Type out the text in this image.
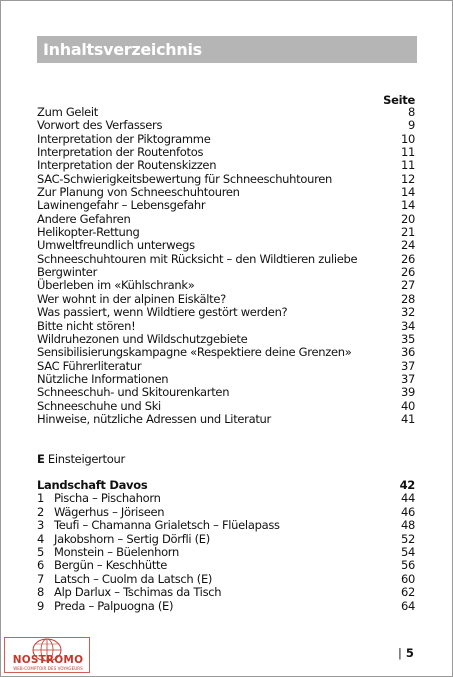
Inhaltsverzeichnis
Seite
Zum Geleit	8
Vorwort des Verfassers	9
Interpretation der Piktogramme	10
Interpretation der Routenfotos	11
Interpretation der Routenskizzen	11
SAC-Schwierigkeitsbewertung für Schneeschuhtouren	12
Zur Planung von Schneeschuhtouren	14
Lawinengefahr – Lebensgefahr	14
Andere Gefahren	20
Helikopter-Rettung	21
Umweltfreundlich unterwegs	24
Schneeschuhtouren mit Rücksicht – den Wildtieren zuliebe	26
Bergwinter	26
Überleben im «Kühlschrank»	27
Wer wohnt in der alpinen Eiskälte?	28
Was passiert, wenn Wildtiere gestört werden?	32
Bitte nicht stören!	34
Wildruhezonen und Wildschutzgebiete	35
Sensibilisierungskampagne «Respektiere deine Grenzen»	36
SAC Führerliteratur	37
Nützliche Informationen	37
Schneeschuh- und Skitourenkarten	39
Schneeschuhe und Ski	40
Hinweise, nützliche Adressen und Literatur	41
E Einsteigertour
Landschaft Davos	42
1 Pischa – Pischahorn	44
2 Wägerhus – Jöriseen	46
3 Teufi – Chamanna Grialetsch – Flüelapass	48
4 Jakobshorn – Sertig Dörfli (E)	52
5 Monstein – Büelenhorn	54
6 Bergün – Keschhütte	56
7 Latsch – Cuolm da Latsch (E)	60
8 Alp Darlux – Tschimas da Tisch	62
9 Preda – Palpuogna (E)	64
NOSTROMO
WEB-COMPTOIR DES VOYAGEURS
| 5
